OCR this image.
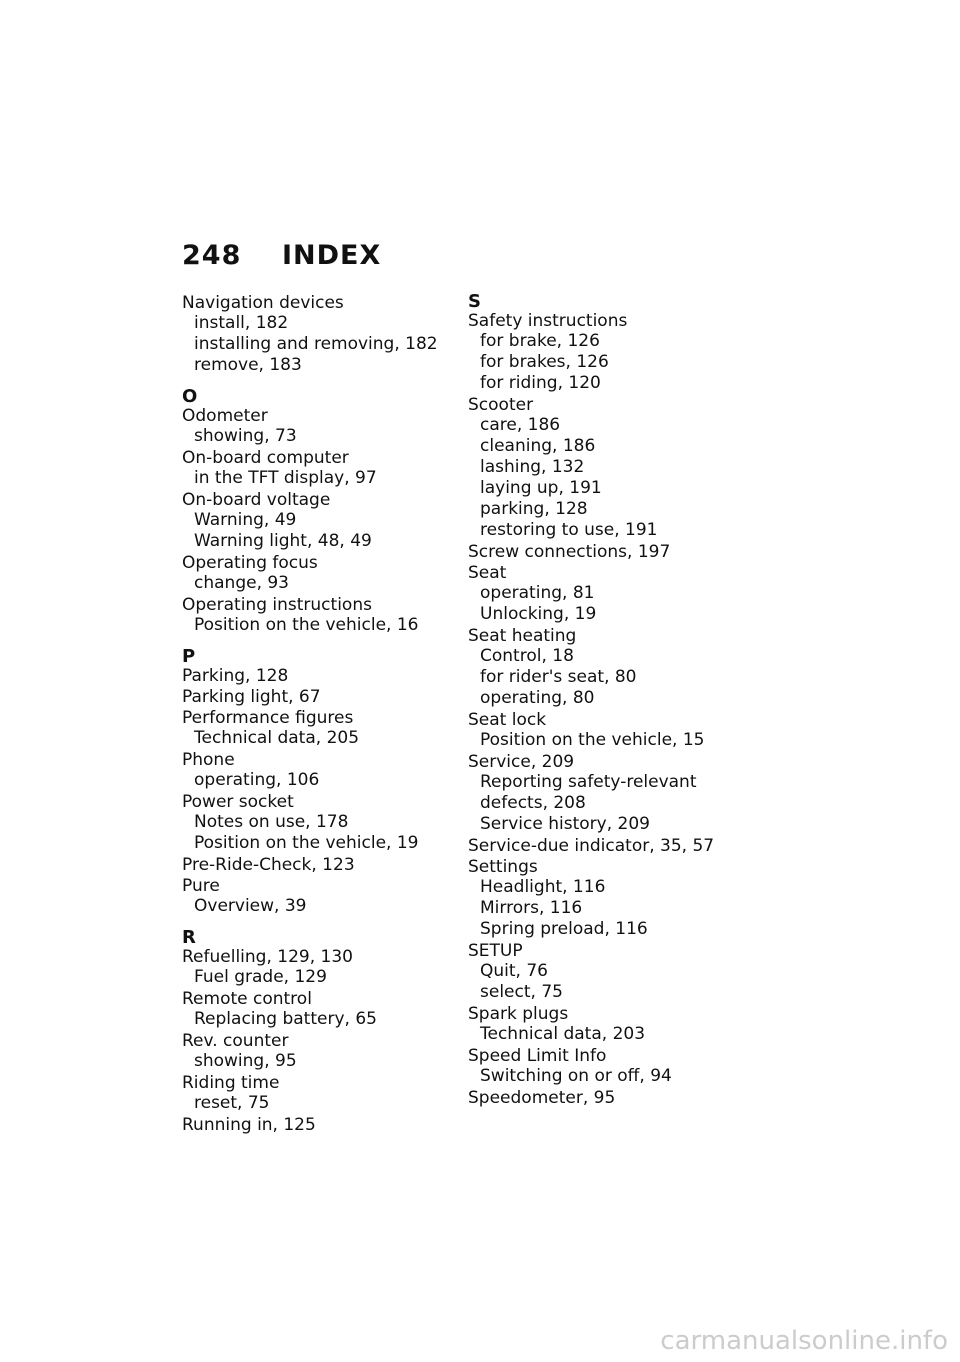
248 INDEX
Navigation devices
install, 182
installing and removing, 182
remove, 183
O
Odometer
showing, 73
On-board computer
in the TFT display, 97
On-board voltage
Warning, 49
Warning light, 48, 49
Operating focus
change, 93
Operating instructions
Position on the vehicle, 16
P
Parking, 128
Parking light, 67
Performance figures
Technical data, 205
Phone
operating, 106
Power socket
Notes on use, 178
Position on the vehicle, 19
Pre-Ride-Check, 123
Pure
Overview, 39
R
Refuelling, 129, 130
Fuel grade, 129
Remote control
Replacing battery, 65
Rev. counter
showing, 95
Riding time
reset, 75
Running in, 125
S
Safety instructions
for brake, 126
for brakes, 126
for riding, 120
Scooter
care, 186
cleaning, 186
lashing, 132
laying up, 191
parking, 128
restoring to use, 191
Screw connections, 197
Seat
operating, 81
Unlocking, 19
Seat heating
Control, 18
for rider's seat, 80
operating, 80
Seat lock
Position on the vehicle, 15
Service, 209
Reporting safety-relevant
defects, 208
Service history, 209
Service-due indicator, 35, 57
Settings
Headlight, 116
Mirrors, 116
Spring preload, 116
SETUP
Quit, 76
select, 75
Spark plugs
Technical data, 203
Speed Limit Info
Switching on or off, 94
Speedometer, 95
carmanualsonline.info
